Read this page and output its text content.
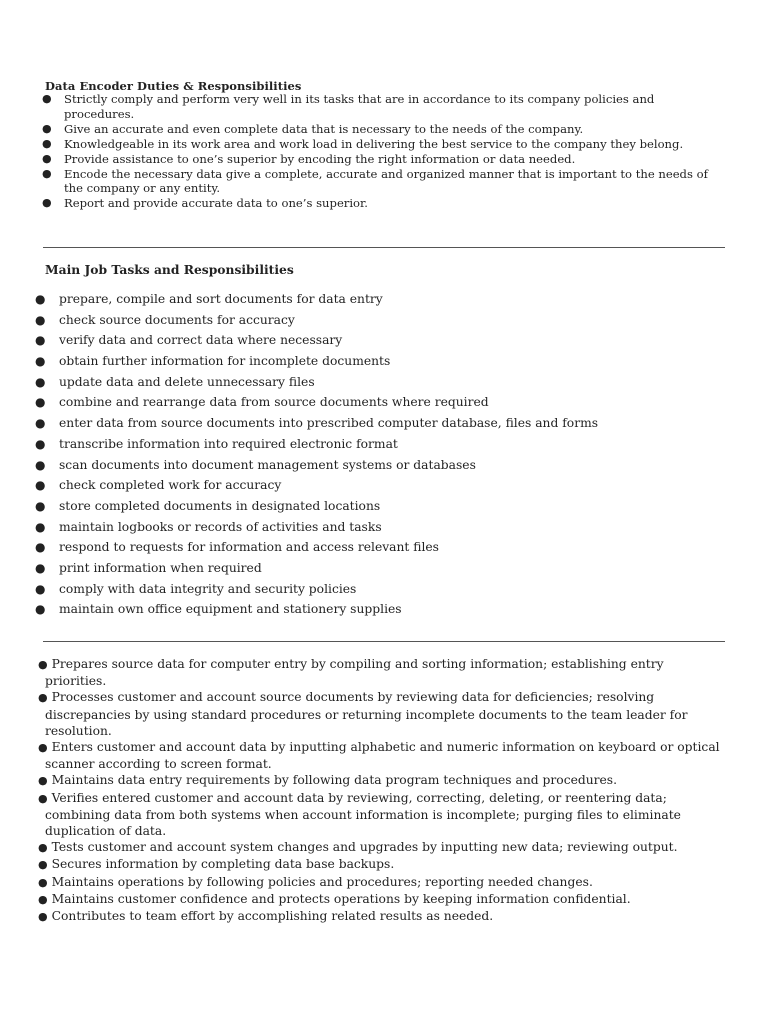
Data Encoder Duties & Responsibilities
● Strictly comply and perform very well in its tasks that are in accordance to its company policies and procedures.
● Give an accurate and even complete data that is necessary to the needs of the company.
● Knowledgeable in its work area and work load in delivering the best service to the company they belong.
● Provide assistance to one’s superior by encoding the right information or data needed.
● Encode the necessary data give a complete, accurate and organized manner that is important to the needs of the company or any entity.
● Report and provide accurate data to one’s superior.
Main Job Tasks and Responsibilities
● prepare, compile and sort documents for data entry
● check source documents for accuracy
● verify data and correct data where necessary
● obtain further information for incomplete documents
● update data and delete unnecessary files
● combine and rearrange data from source documents where required
● enter data from source documents into prescribed computer database, files and forms
● transcribe information into required electronic format
● scan documents into document management systems or databases
● check completed work for accuracy
● store completed documents in designated locations
● maintain logbooks or records of activities and tasks
● respond to requests for information and access relevant files
● print information when required
● comply with data integrity and security policies
● maintain own office equipment and stationery supplies
● Prepares source data for computer entry by compiling and sorting information; establishing entry priorities.
● Processes customer and account source documents by reviewing data for deficiencies; resolving discrepancies by using standard procedures or returning incomplete documents to the team leader for resolution.
● Enters customer and account data by inputting alphabetic and numeric information on keyboard or optical scanner according to screen format.
● Maintains data entry requirements by following data program techniques and procedures.
● Verifies entered customer and account data by reviewing, correcting, deleting, or reentering data; combining data from both systems when account information is incomplete; purging files to eliminate duplication of data.
● Tests customer and account system changes and upgrades by inputting new data; reviewing output.
● Secures information by completing data base backups.
● Maintains operations by following policies and procedures; reporting needed changes.
● Maintains customer confidence and protects operations by keeping information confidential.
● Contributes to team effort by accomplishing related results as needed.
